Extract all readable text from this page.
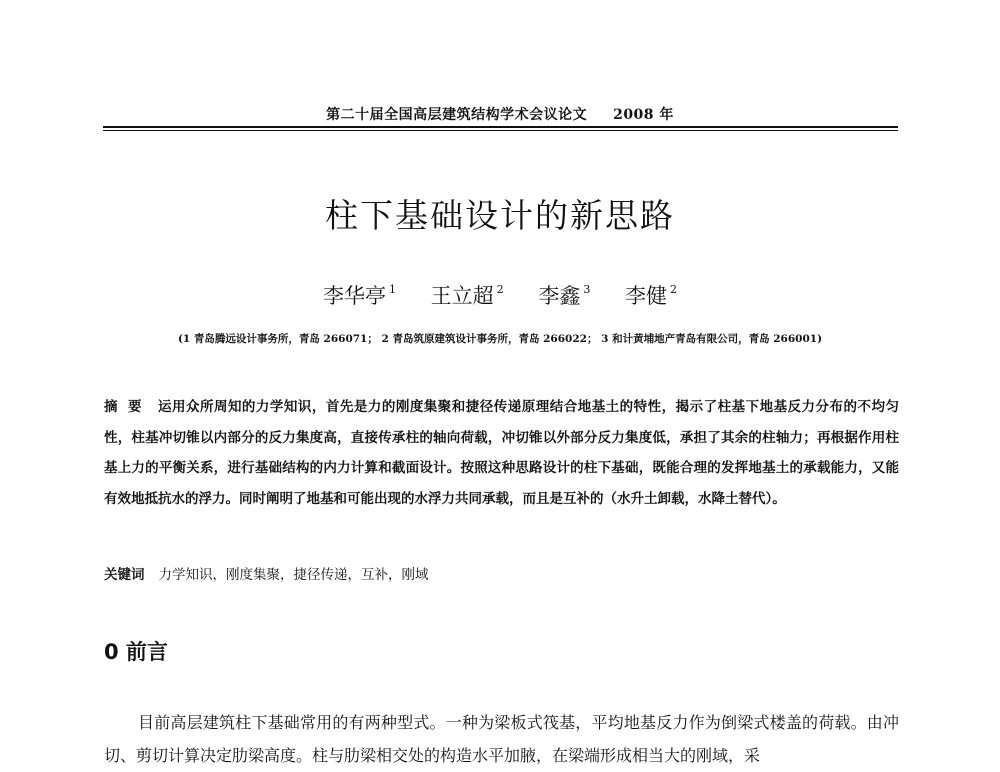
第二十届全国高层建筑结构学术会议论文 2008 年
柱下基础设计的新思路
李华亭 $^1$ 王立超 $^2$ 李鑫 $^3$ 李健 $^2$
(1 青岛腾远设计事务所，青岛 266071； 2 青岛筑原建筑设计事务所，青岛 266022； 3 和计黄埔地产青岛有限公司，青岛 266001)
摘要 运用众所周知的力学知识，首先是力的刚度集聚和捷径传递原理结合地基土的特性，揭示了柱基下地基反力分布的不均匀性，柱基冲切锥以内部分的反力集度高，直接传承柱的轴向荷载，冲切锥以外部分反力集度低，承担了其余的柱轴力；再根据作用柱基上力的平衡关系，进行基础结构的内力计算和截面设计。按照这种思路设计的柱下基础，既能合理的发挥地基土的承载能力，又能有效地抵抗水的浮力。同时阐明了地基和可能出现的水浮力共同承载，而且是互补的（水升土卸载，水降土替代）。
关键词 力学知识，刚度集聚，捷径传递，互补，刚域
0 前言

目前高层建筑柱下基础常用的有两种型式。一种为梁板式筏基，平均地基反力作为倒梁式楼盖的荷载。由冲切、剪切计算决定肋梁高度。柱与肋梁相交处的构造水平加腋，在梁端形成相当大的刚域，采
